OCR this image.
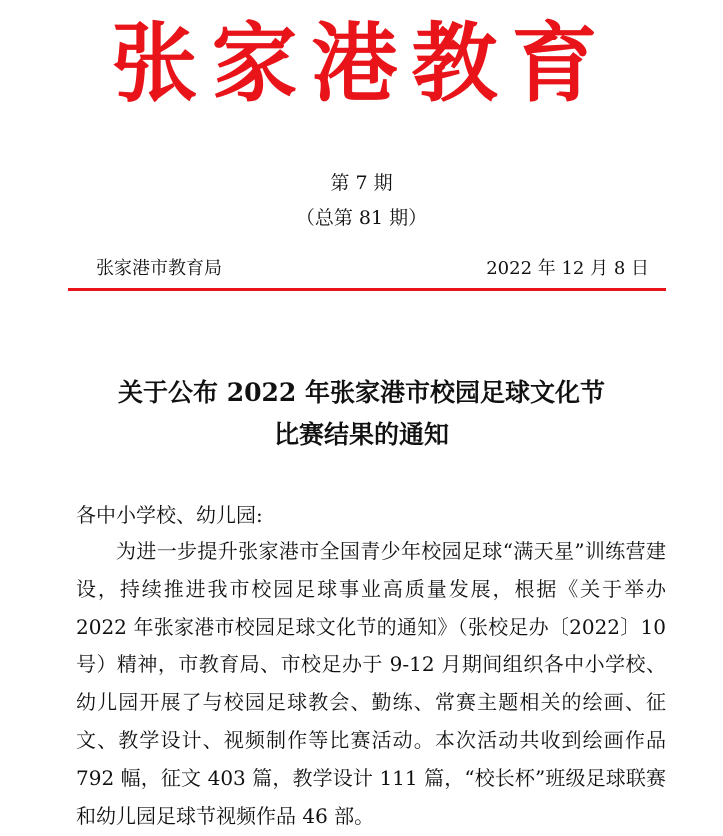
张家港教育
第 7 期
（总第 81 期）
张家港市教育局	2022 年 12 月 8 日
关于公布 2022 年张家港市校园足球文化节
比赛结果的通知
各中小学校、幼儿园:

为进一步提升张家港市全国青少年校园足球“满天星”训练营建设，持续推进我市校园足球事业高质量发展，根据《关于举办 2022 年张家港市校园足球文化节的通知》（张校足办〔2022〕10 号）精神，市教育局、市校足办于 9-12 月期间组织各中小学校、幼儿园开展了与校园足球教会、勤练、常赛主题相关的绘画、征文、教学设计、视频制作等比赛活动。本次活动共收到绘画作品 792 幅，征文 403 篇，教学设计 111 篇，“校长杯”班级足球联赛和幼儿园足球节视频作品 46 部。
